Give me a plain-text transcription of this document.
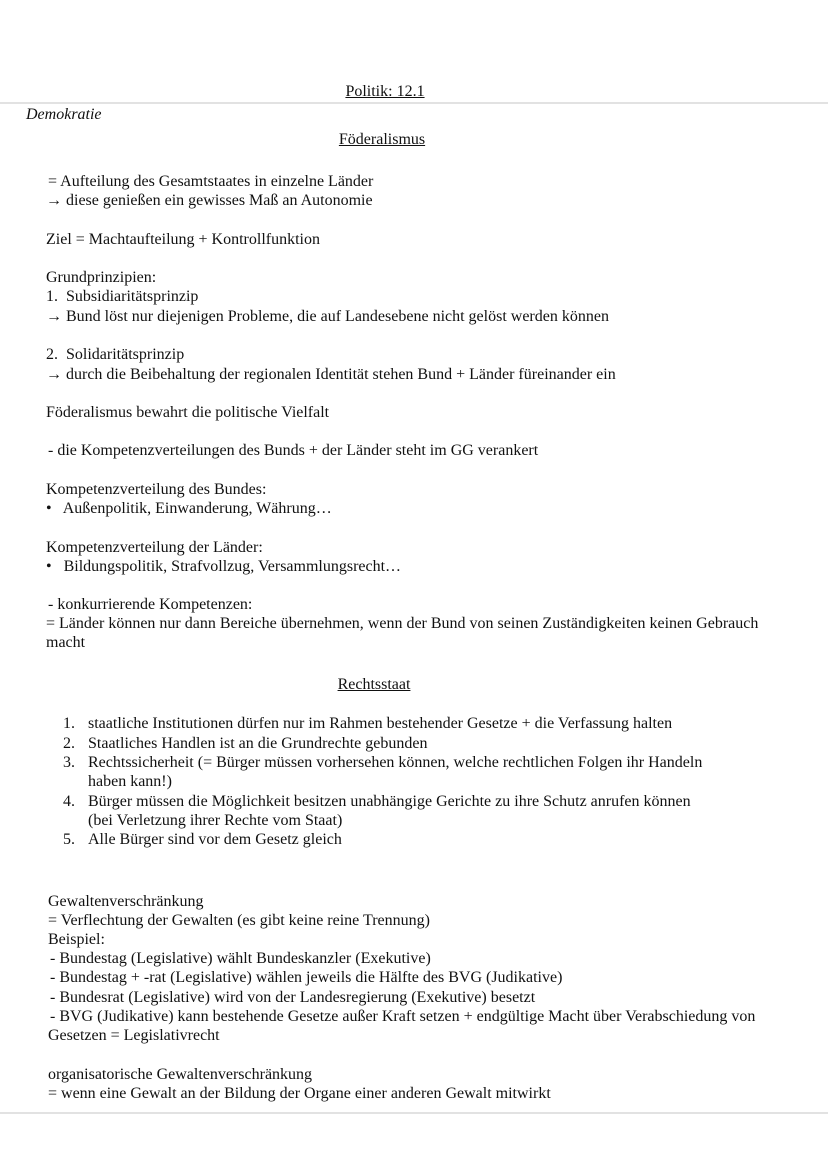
Politik: 12.1
Demokratie
Föderalismus
= Aufteilung des Gesamtstaates in einzelne Länder
→ diese genießen ein gewisses Maß an Autonomie
Ziel = Machtaufteilung + Kontrollfunktion
Grundprinzipien:
1.  Subsidiaritätsprinzip
→ Bund löst nur diejenigen Probleme, die auf Landesebene nicht gelöst werden können
2.  Solidaritätsprinzip
→ durch die Beibehaltung der regionalen Identität stehen Bund + Länder füreinander ein
Föderalismus bewahrt die politische Vielfalt
- die Kompetenzverteilungen des Bunds + der Länder steht im GG verankert
Kompetenzverteilung des Bundes:
•   Außenpolitik, Einwanderung, Währung…
Kompetenzverteilung der Länder:
•   Bildungspolitik, Strafvollzug, Versammlungsrecht…
- konkurrierende Kompetenzen:
= Länder können nur dann Bereiche übernehmen, wenn der Bund von seinen Zuständigkeiten keinen Gebrauch
macht
Rechtsstaat
1. staatliche Institutionen dürfen nur im Rahmen bestehender Gesetze + die Verfassung halten
2. Staatliches Handlen ist an die Grundrechte gebunden
3. Rechtssicherheit (= Bürger müssen vorhersehen können, welche rechtlichen Folgen ihr Handeln
haben kann!)
4. Bürger müssen die Möglichkeit besitzen unabhängige Gerichte zu ihre Schutz anrufen können
(bei Verletzung ihrer Rechte vom Staat)
5. Alle Bürger sind vor dem Gesetz gleich
Gewaltenverschränkung
= Verflechtung der Gewalten (es gibt keine reine Trennung)
Beispiel:
- Bundestag (Legislative) wählt Bundeskanzler (Exekutive)
- Bundestag + -rat (Legislative) wählen jeweils die Hälfte des BVG (Judikative)
- Bundesrat (Legislative) wird von der Landesregierung (Exekutive) besetzt
- BVG (Judikative) kann bestehende Gesetze außer Kraft setzen + endgültige Macht über Verabschiedung von
Gesetzen = Legislativrecht
organisatorische Gewaltenverschränkung
= wenn eine Gewalt an der Bildung der Organe einer anderen Gewalt mitwirkt
